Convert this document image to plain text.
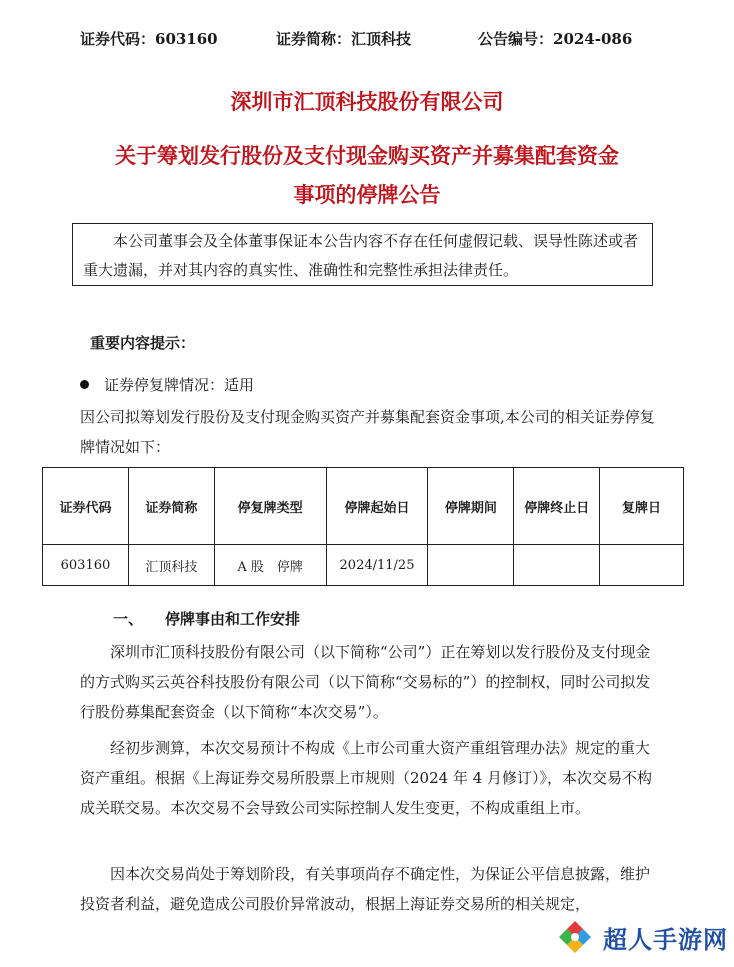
证券代码：603160	证券简称：汇顶科技	公告编号：2024-086
深圳市汇顶科技股份有限公司
关于筹划发行股份及支付现金购买资产并募集配套资金
事项的停牌公告

本公司董事会及全体董事保证本公告内容不存在任何虚假记载、误导性陈述或者重大遗漏，并对其内容的真实性、准确性和完整性承担法律责任。

重要内容提示：
证券停复牌情况：适用

因公司拟筹划发行股份及支付现金购买资产并募集配套资金事项,本公司的相关证券停复牌情况如下：

证券代码	证券简称	停复牌类型	停牌起始日	停牌期间	停牌终止日	复牌日
603160	汇顶科技	A 股　停牌	2024/11/25			
一、 停牌事由和工作安排

深圳市汇顶科技股份有限公司（以下简称“公司”）正在筹划以发行股份及支付现金的方式购买云英谷科技股份有限公司（以下简称“交易标的”）的控制权，同时公司拟发行股份募集配套资金（以下简称“本次交易”）。

经初步测算，本次交易预计不构成《上市公司重大资产重组管理办法》规定的重大资产重组。根据《上海证券交易所股票上市规则（2024 年 4 月修订）》，本次交易不构成关联交易。本次交易不会导致公司实际控制人发生变更，不构成重组上市。

因本次交易尚处于筹划阶段，有关事项尚存不确定性，为保证公平信息披露，维护投资者利益，避免造成公司股价异常波动，根据上海证券交易所的相关规定，

超人手游网
